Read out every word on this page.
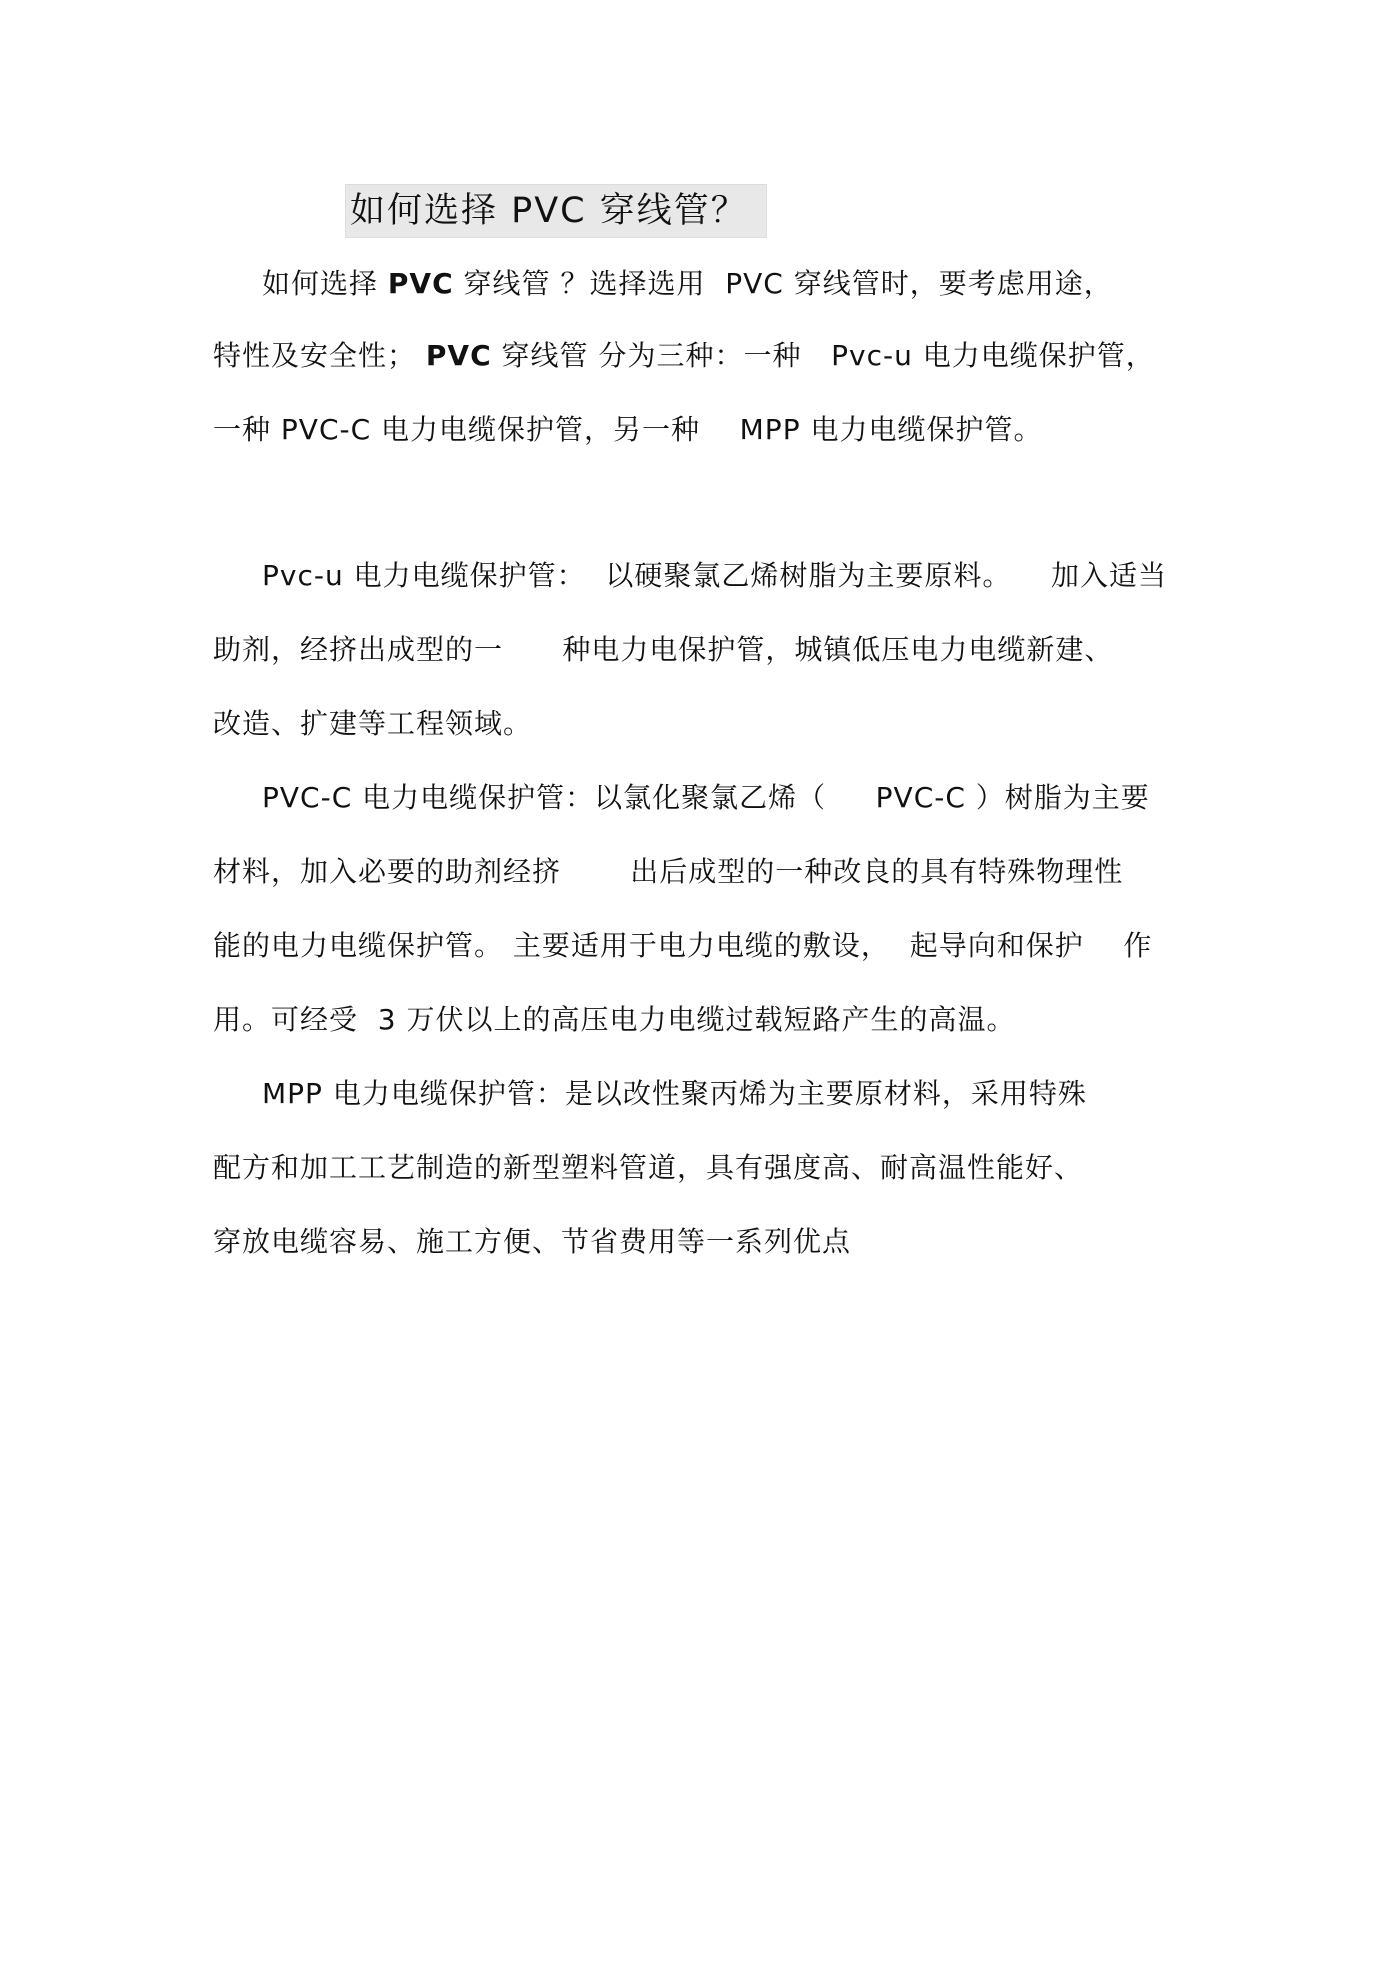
如何选择 PVC 穿线管？
如何选择 PVC 穿线管 ？选择选用  PVC 穿线管时，要考虑用途，
特性及安全性； PVC 穿线管 分为三种：一种   Pvc-u 电力电缆保护管，
一种 PVC-C 电力电缆保护管，另一种    MPP 电力电缆保护管。
Pvc-u 电力电缆保护管：  以硬聚氯乙烯树脂为主要原料。    加入适当
助剂，经挤出成型的一      种电力电保护管，城镇低压电力电缆新建、
改造、扩建等工程领域。
PVC-C 电力电缆保护管：以氯化聚氯乙烯（     PVC-C ）树脂为主要
材料，加入必要的助剂经挤       出后成型的一种改良的具有特殊物理性
能的电力电缆保护管。 主要适用于电力电缆的敷设，  起导向和保护    作
用。可经受  3 万伏以上的高压电力电缆过载短路产生的高温。
MPP 电力电缆保护管：是以改性聚丙烯为主要原材料，采用特殊
配方和加工工艺制造的新型塑料管道，具有强度高、耐高温性能好、
穿放电缆容易、施工方便、节省费用等一系列优点
